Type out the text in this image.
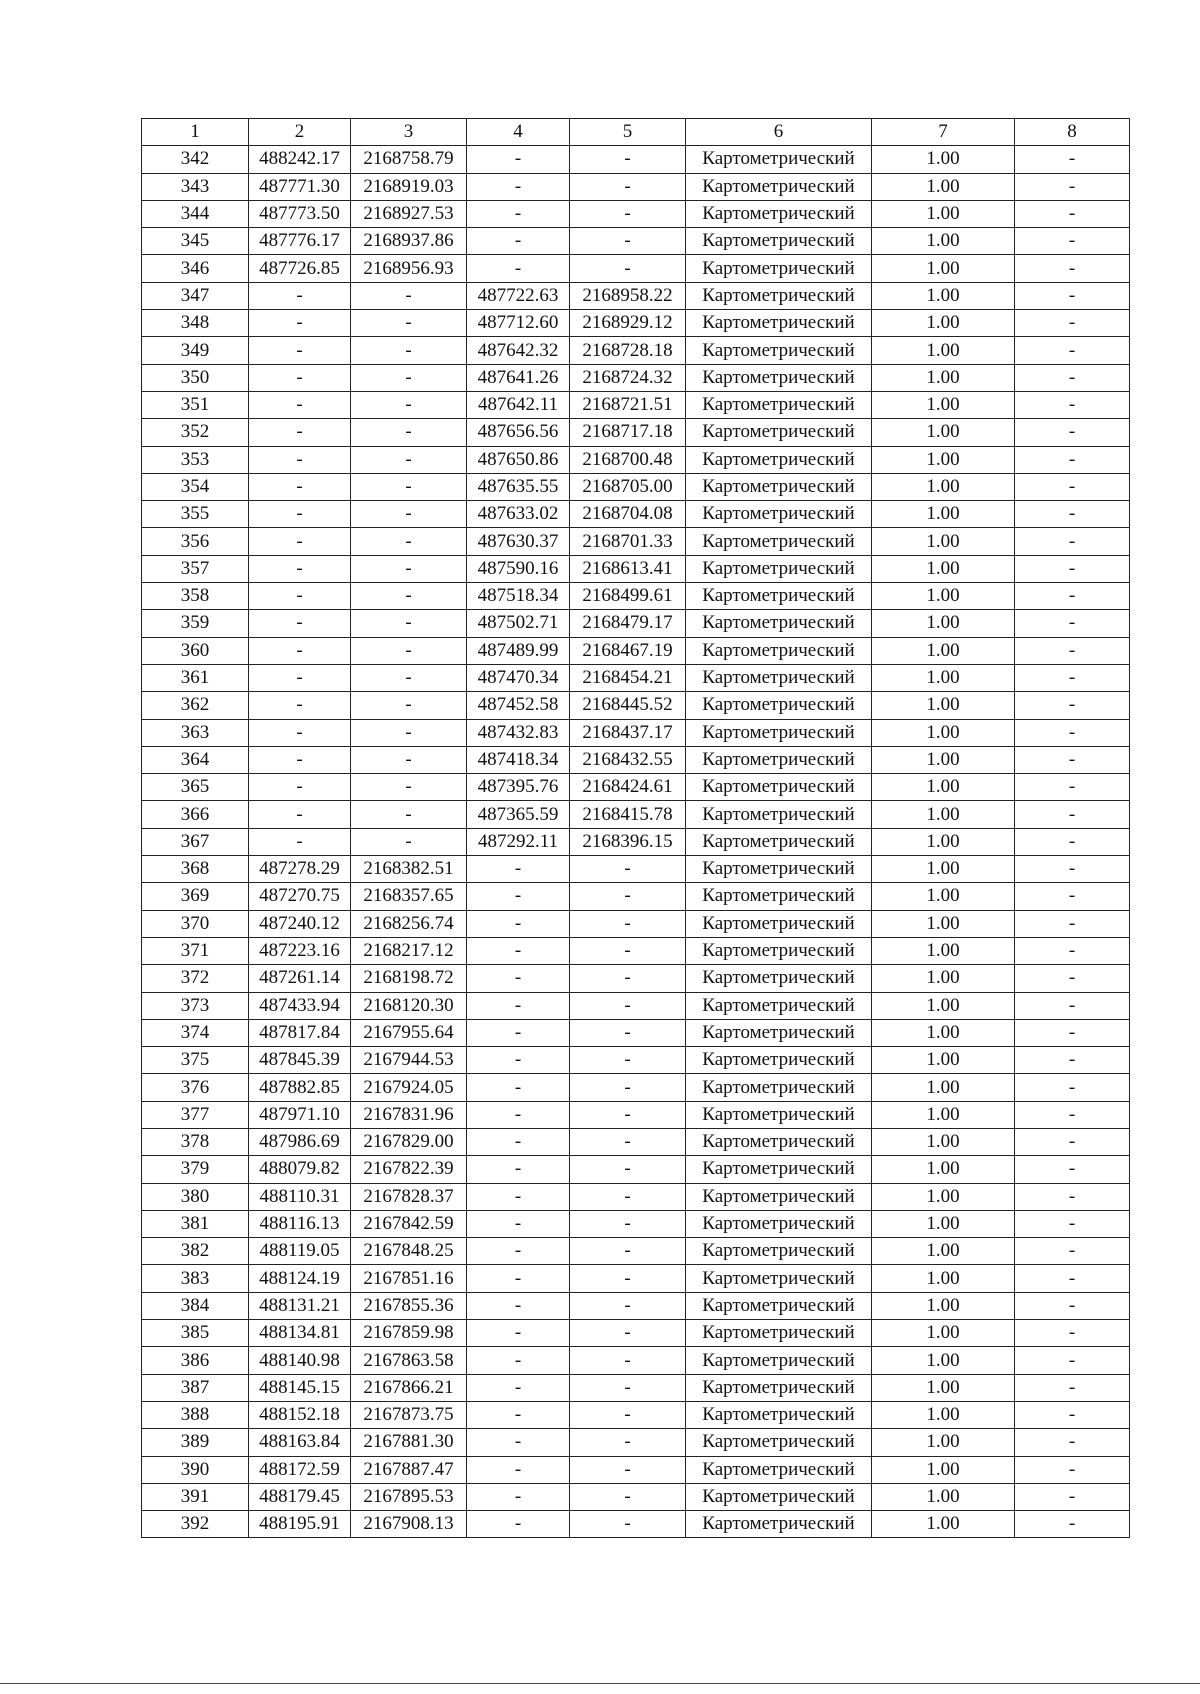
1	2	3	4	5	6	7	8
342	488242.17	2168758.79	-	-	Картометрический	1.00	-
343	487771.30	2168919.03	-	-	Картометрический	1.00	-
344	487773.50	2168927.53	-	-	Картометрический	1.00	-
345	487776.17	2168937.86	-	-	Картометрический	1.00	-
346	487726.85	2168956.93	-	-	Картометрический	1.00	-
347	-	-	487722.63	2168958.22	Картометрический	1.00	-
348	-	-	487712.60	2168929.12	Картометрический	1.00	-
349	-	-	487642.32	2168728.18	Картометрический	1.00	-
350	-	-	487641.26	2168724.32	Картометрический	1.00	-
351	-	-	487642.11	2168721.51	Картометрический	1.00	-
352	-	-	487656.56	2168717.18	Картометрический	1.00	-
353	-	-	487650.86	2168700.48	Картометрический	1.00	-
354	-	-	487635.55	2168705.00	Картометрический	1.00	-
355	-	-	487633.02	2168704.08	Картометрический	1.00	-
356	-	-	487630.37	2168701.33	Картометрический	1.00	-
357	-	-	487590.16	2168613.41	Картометрический	1.00	-
358	-	-	487518.34	2168499.61	Картометрический	1.00	-
359	-	-	487502.71	2168479.17	Картометрический	1.00	-
360	-	-	487489.99	2168467.19	Картометрический	1.00	-
361	-	-	487470.34	2168454.21	Картометрический	1.00	-
362	-	-	487452.58	2168445.52	Картометрический	1.00	-
363	-	-	487432.83	2168437.17	Картометрический	1.00	-
364	-	-	487418.34	2168432.55	Картометрический	1.00	-
365	-	-	487395.76	2168424.61	Картометрический	1.00	-
366	-	-	487365.59	2168415.78	Картометрический	1.00	-
367	-	-	487292.11	2168396.15	Картометрический	1.00	-
368	487278.29	2168382.51	-	-	Картометрический	1.00	-
369	487270.75	2168357.65	-	-	Картометрический	1.00	-
370	487240.12	2168256.74	-	-	Картометрический	1.00	-
371	487223.16	2168217.12	-	-	Картометрический	1.00	-
372	487261.14	2168198.72	-	-	Картометрический	1.00	-
373	487433.94	2168120.30	-	-	Картометрический	1.00	-
374	487817.84	2167955.64	-	-	Картометрический	1.00	-
375	487845.39	2167944.53	-	-	Картометрический	1.00	-
376	487882.85	2167924.05	-	-	Картометрический	1.00	-
377	487971.10	2167831.96	-	-	Картометрический	1.00	-
378	487986.69	2167829.00	-	-	Картометрический	1.00	-
379	488079.82	2167822.39	-	-	Картометрический	1.00	-
380	488110.31	2167828.37	-	-	Картометрический	1.00	-
381	488116.13	2167842.59	-	-	Картометрический	1.00	-
382	488119.05	2167848.25	-	-	Картометрический	1.00	-
383	488124.19	2167851.16	-	-	Картометрический	1.00	-
384	488131.21	2167855.36	-	-	Картометрический	1.00	-
385	488134.81	2167859.98	-	-	Картометрический	1.00	-
386	488140.98	2167863.58	-	-	Картометрический	1.00	-
387	488145.15	2167866.21	-	-	Картометрический	1.00	-
388	488152.18	2167873.75	-	-	Картометрический	1.00	-
389	488163.84	2167881.30	-	-	Картометрический	1.00	-
390	488172.59	2167887.47	-	-	Картометрический	1.00	-
391	488179.45	2167895.53	-	-	Картометрический	1.00	-
392	488195.91	2167908.13	-	-	Картометрический	1.00	-
